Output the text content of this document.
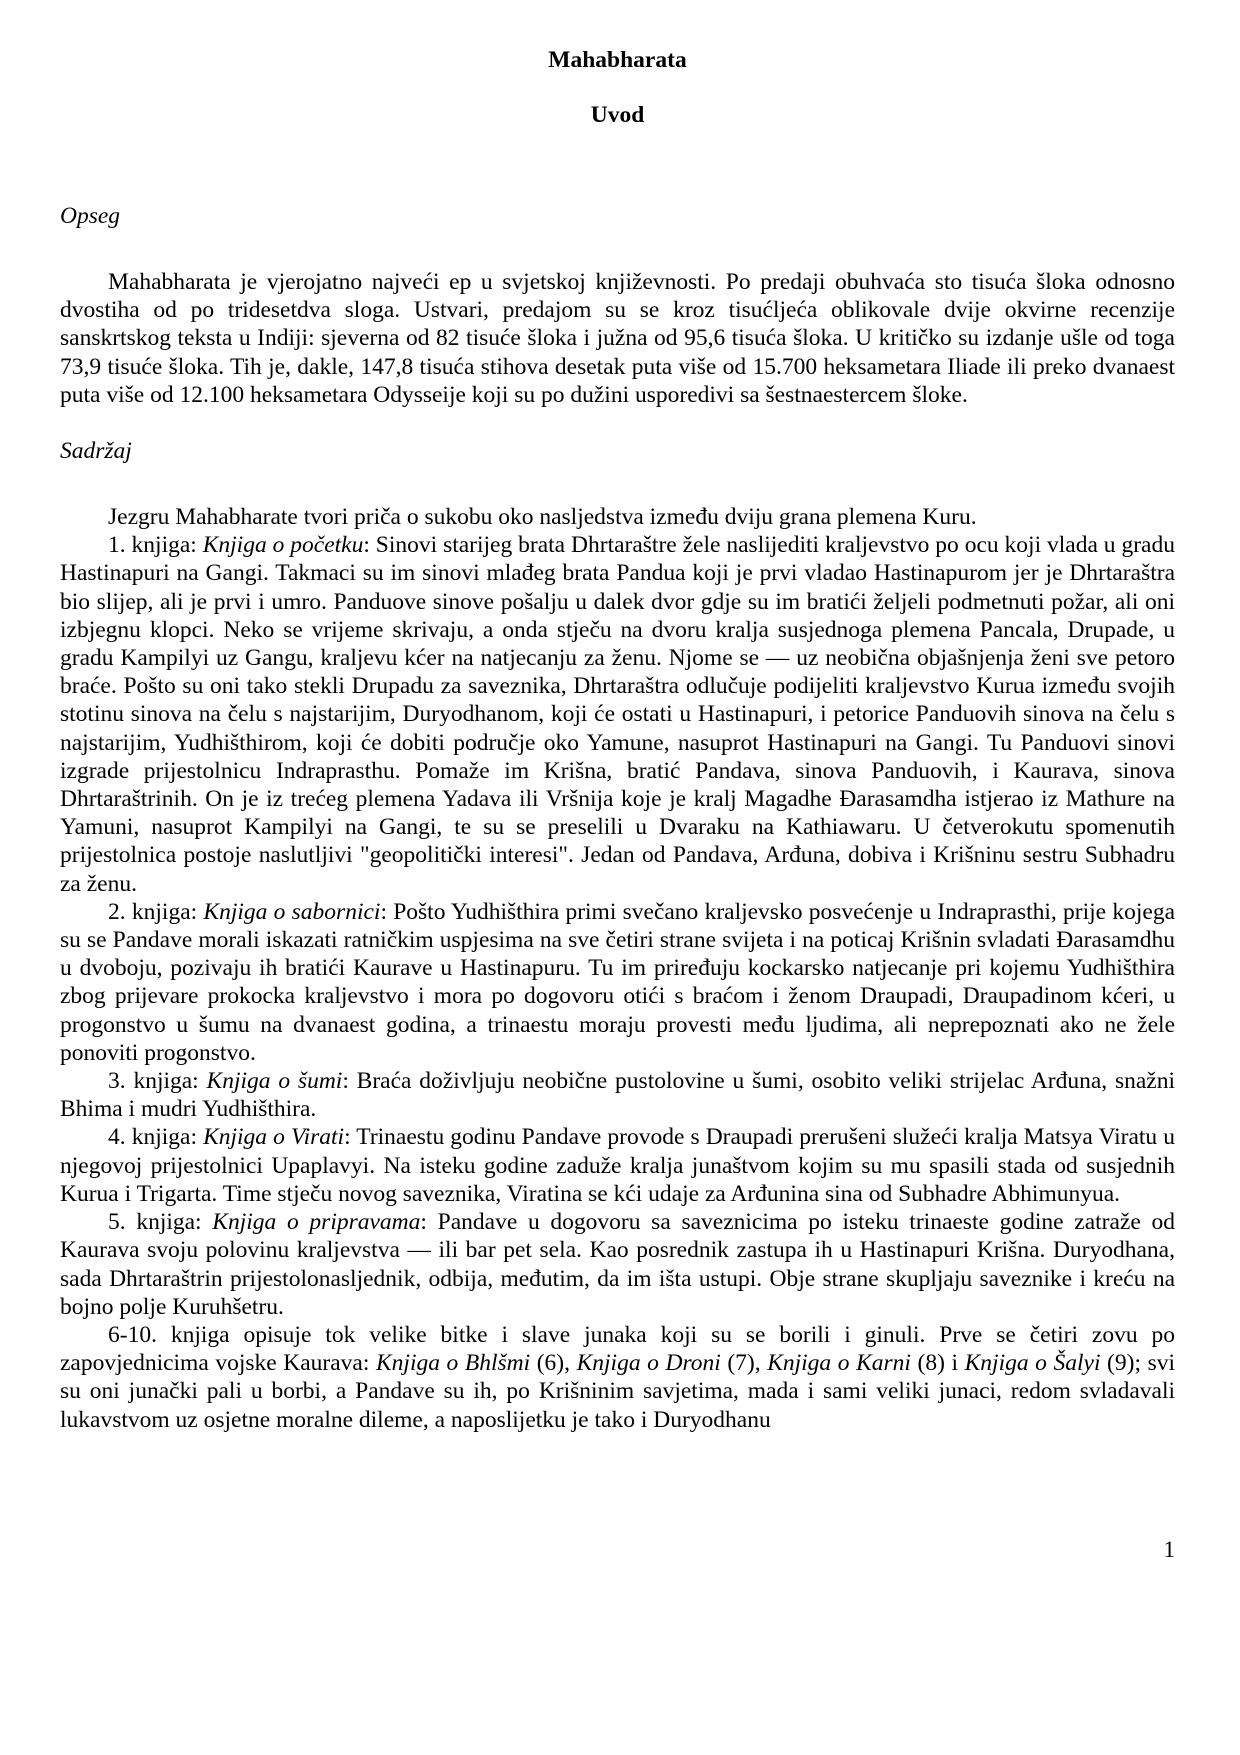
Mahabharata
Uvod
Opseg

Mahabharata je vjerojatno najveći ep u svjetskoj književnosti. Po predaji obuhvaća sto tisuća šloka odnosno dvostiha od po tridesetdva sloga. Ustvari, predajom su se kroz tisućljeća oblikovale dvije okvirne recenzije sanskrtskog teksta u Indiji: sjeverna od 82 tisuće šloka i južna od 95,6 tisuća šloka. U kritičko su izdanje ušle od toga 73,9 tisuće šloka. Tih je, dakle, 147,8 tisuća stihova desetak puta više od 15.700 heksametara Iliade ili preko dvanaest puta više od 12.100 heksametara Odysseije koji su po dužini usporedivi sa šestnaestercem šloke.

Sadržaj

Jezgru Mahabharate tvori priča o sukobu oko nasljedstva između dviju grana plemena Kuru.

1. knjiga: Knjiga o početku: Sinovi starijeg brata Dhrtaraštre žele naslijediti kraljevstvo po ocu koji vlada u gradu Hastinapuri na Gangi. Takmaci su im sinovi mlađeg brata Pandua koji je prvi vladao Hastinapurom jer je Dhrtaraštra bio slijep, ali je prvi i umro. Panduove sinove pošalju u dalek dvor gdje su im bratići željeli podmetnuti požar, ali oni izbjegnu klopci. Neko se vrijeme skrivaju, a onda stječu na dvoru kralja susjednoga plemena Pancala, Drupade, u gradu Kampilyi uz Gangu, kraljevu kćer na natjecanju za ženu. Njome se — uz neobična objašnjenja ženi sve petoro braće. Pošto su oni tako stekli Drupadu za saveznika, Dhrtaraštra odlučuje podijeliti kraljevstvo Kurua između svojih stotinu sinova na čelu s najstarijim, Duryodhanom, koji će ostati u Hastinapuri, i petorice Panduovih sinova na čelu s najstarijim, Yudhišthirom, koji će dobiti područje oko Yamune, nasuprot Hastinapuri na Gangi. Tu Panduovi sinovi izgrade prijestolnicu Indraprasthu. Pomaže im Krišna, bratić Pandava, sinova Panduovih, i Kaurava, sinova Dhrtaraštrinih. On je iz trećeg plemena Yadava ili Vršnija koje je kralj Magadhe Đarasamdha istjerao iz Mathure na Yamuni, nasuprot Kampilyi na Gangi, te su se preselili u Dvaraku na Kathiawaru. U četverokutu spomenutih prijestolnica postoje naslutljivi "geopolitički interesi". Jedan od Pandava, Arđuna, dobiva i Krišninu sestru Subhadru za ženu.

2. knjiga: Knjiga o sabornici: Pošto Yudhišthira primi svečano kraljevsko posvećenje u Indraprasthi, prije kojega su se Pandave morali iskazati ratničkim uspjesima na sve četiri strane svijeta i na poticaj Krišnin svladati Đarasamdhu u dvoboju, pozivaju ih bratići Kaurave u Hastinapuru. Tu im priređuju kockarsko natjecanje pri kojemu Yudhišthira zbog prijevare prokocka kraljevstvo i mora po dogovoru otići s braćom i ženom Draupadi, Draupadinom kćeri, u progonstvo u šumu na dvanaest godina, a trinaestu moraju provesti među ljudima, ali neprepoznati ako ne žele ponoviti progonstvo.

3. knjiga: Knjiga o šumi: Braća doživljuju neobične pustolovine u šumi, osobito veliki strijelac Arđuna, snažni Bhima i mudri Yudhišthira.

4. knjiga: Knjiga o Virati: Trinaestu godinu Pandave provode s Draupadi prerušeni služeći kralja Matsya Viratu u njegovoj prijestolnici Upaplavyi. Na isteku godine zaduže kralja junaštvom kojim su mu spasili stada od susjednih Kurua i Trigarta. Time stječu novog saveznika, Viratina se kći udaje za Arđunina sina od Subhadre Abhimunyua.

5. knjiga: Knjiga o pripravama: Pandave u dogovoru sa saveznicima po isteku trinaeste godine zatraže od Kaurava svoju polovinu kraljevstva — ili bar pet sela. Kao posrednik zastupa ih u Hastinapuri Krišna. Duryodhana, sada Dhrtaraštrin prijestolonasljednik, odbija, međutim, da im išta ustupi. Obje strane skupljaju saveznike i kreću na bojno polje Kuruhšetru.

6-10. knjiga opisuje tok velike bitke i slave junaka koji su se borili i ginuli. Prve se četiri zovu po zapovjednicima vojske Kaurava: Knjiga o Bhlšmi (6), Knjiga o Droni (7), Knjiga o Karni (8) i Knjiga o Šalyi (9); svi su oni junački pali u borbi, a Pandave su ih, po Krišninim savjetima, mada i sami veliki junaci, redom svladavali lukavstvom uz osjetne moralne dileme, a naposlijetku je tako i Duryodhanu

1
